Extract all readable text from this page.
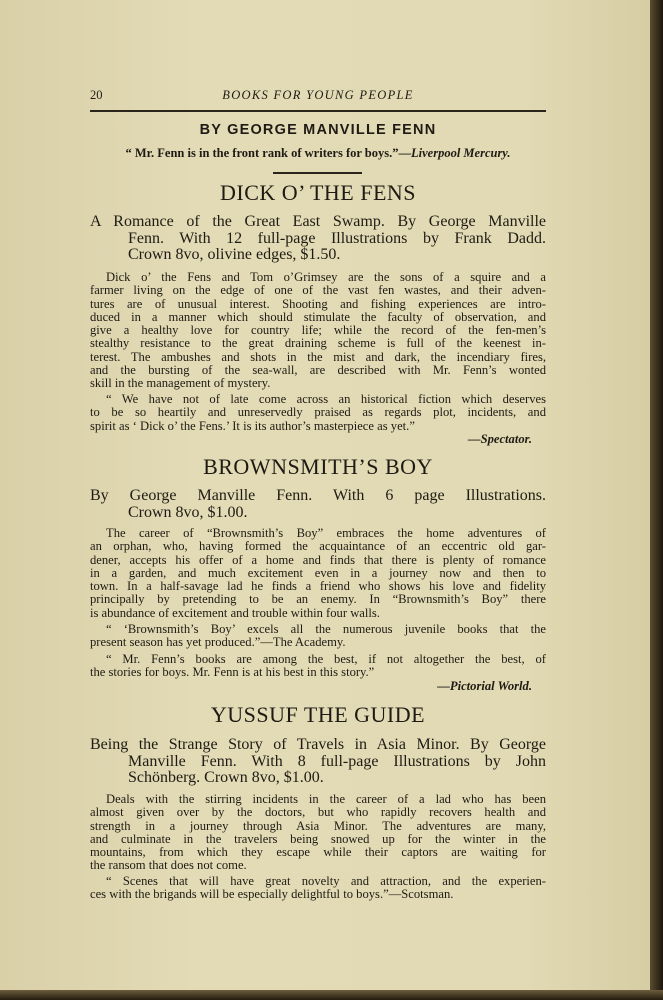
20	BOOKS FOR YOUNG PEOPLE
BY GEORGE MANVILLE FENN
“ Mr. Fenn is in the front rank of writers for boys.”—Liverpool Mercury.
DICK O’ THE FENS
A Romance of the Great East Swamp. By George Manville
Fenn. With 12 full-page Illustrations by Frank Dadd.
Crown 8vo, olivine edges, $1.50.
Dick o’ the Fens and Tom o’Grimsey are the sons of a squire and a
farmer living on the edge of one of the vast fen wastes, and their adven-
tures are of unusual interest. Shooting and fishing experiences are intro-
duced in a manner which should stimulate the faculty of observation, and
give a healthy love for country life; while the record of the fen-men’s
stealthy resistance to the great draining scheme is full of the keenest in-
terest. The ambushes and shots in the mist and dark, the incendiary fires,
and the bursting of the sea-wall, are described with Mr. Fenn’s wonted
skill in the management of mystery.
“ We have not of late come across an historical fiction which deserves
to be so heartily and unreservedly praised as regards plot, incidents, and
spirit as ‘ Dick o’ the Fens.’ It is its author’s masterpiece as yet.”
—Spectator.
BROWNSMITH’S BOY
By George Manville Fenn. With 6 page Illustrations.
Crown 8vo, $1.00.
The career of “Brownsmith’s Boy” embraces the home adventures of
an orphan, who, having formed the acquaintance of an eccentric old gar-
dener, accepts his offer of a home and finds that there is plenty of romance
in a garden, and much excitement even in a journey now and then to
town. In a half-savage lad he finds a friend who shows his love and fidelity
principally by pretending to be an enemy. In “Brownsmith’s Boy” there
is abundance of excitement and trouble within four walls.
“ ‘Brownsmith’s Boy’ excels all the numerous juvenile books that the
present season has yet produced.”—The Academy.
“ Mr. Fenn’s books are among the best, if not altogether the best, of
the stories for boys. Mr. Fenn is at his best in this story.”
—Pictorial World.
YUSSUF THE GUIDE
Being the Strange Story of Travels in Asia Minor. By George
Manville Fenn. With 8 full-page Illustrations by John
Schönberg. Crown 8vo, $1.00.
Deals with the stirring incidents in the career of a lad who has been
almost given over by the doctors, but who rapidly recovers health and
strength in a journey through Asia Minor. The adventures are many,
and culminate in the travelers being snowed up for the winter in the
mountains, from which they escape while their captors are waiting for
the ransom that does not come.
“ Scenes that will have great novelty and attraction, and the experien-
ces with the brigands will be especially delightful to boys.”—Scotsman.
